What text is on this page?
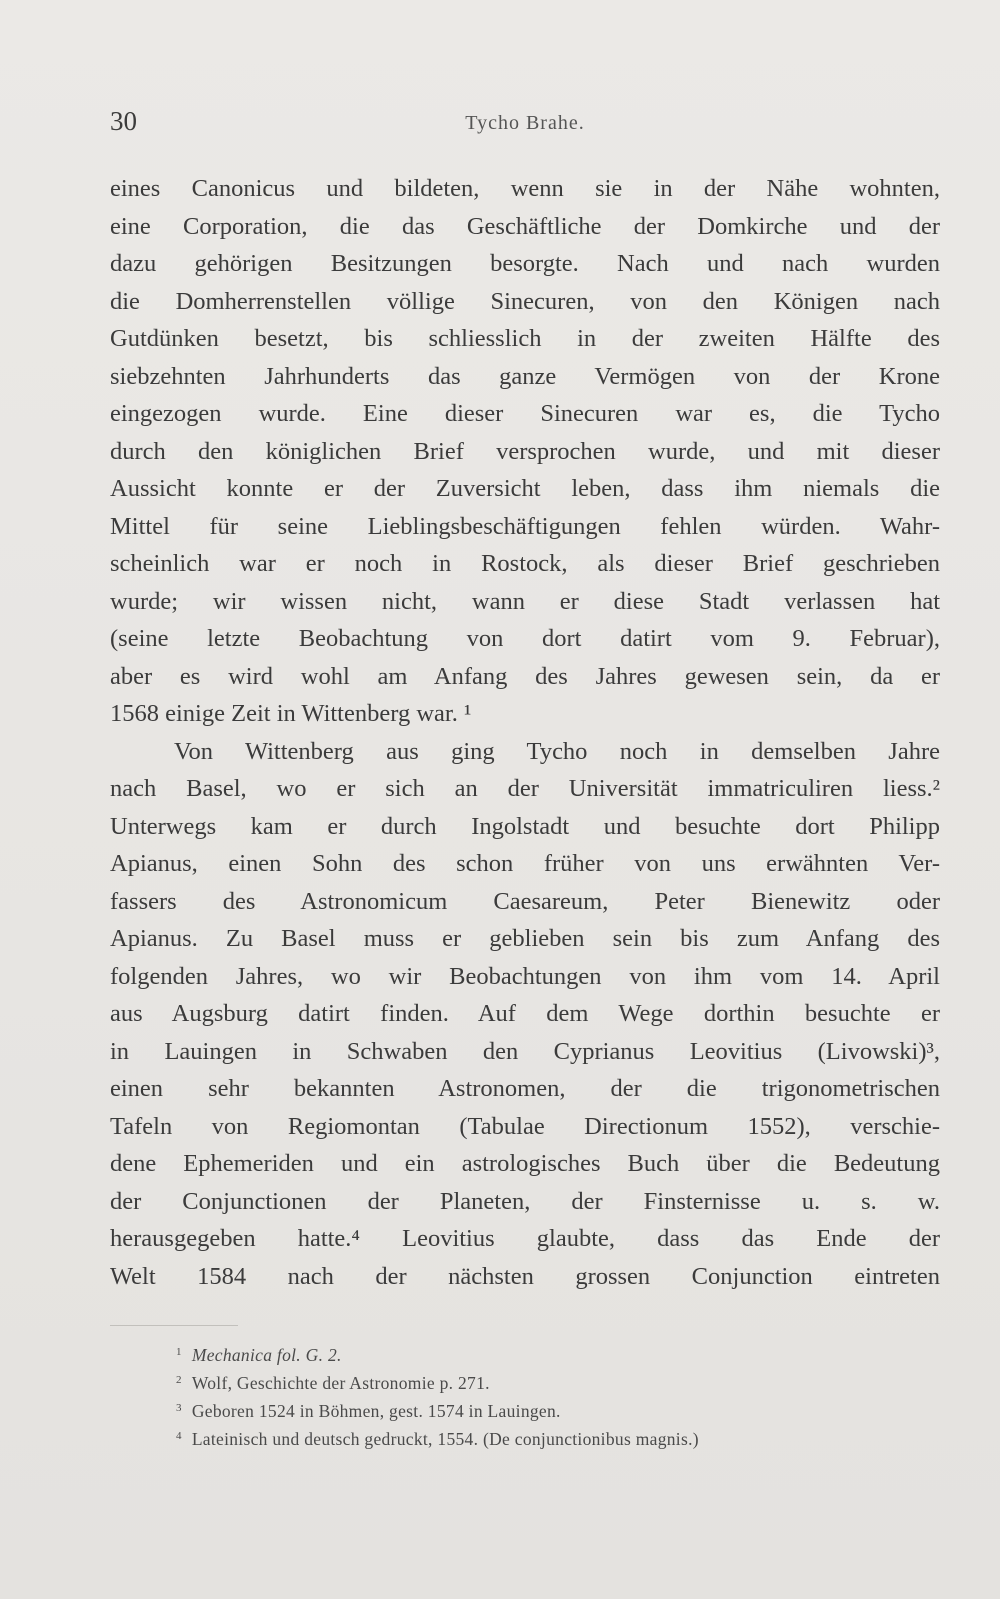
30	Tycho Brahe.
eines Canonicus und bildeten, wenn sie in der Nähe wohnten,
eine Corporation, die das Geschäftliche der Domkirche und der
dazu gehörigen Besitzungen besorgte. Nach und nach wurden
die Domherrenstellen völlige Sinecuren, von den Königen nach
Gutdünken besetzt, bis schliesslich in der zweiten Hälfte des
siebzehnten Jahrhunderts das ganze Vermögen von der Krone
eingezogen wurde. Eine dieser Sinecuren war es, die Tycho
durch den königlichen Brief versprochen wurde, und mit dieser
Aussicht konnte er der Zuversicht leben, dass ihm niemals die
Mittel für seine Lieblingsbeschäftigungen fehlen würden. Wahr-
scheinlich war er noch in Rostock, als dieser Brief geschrieben
wurde; wir wissen nicht, wann er diese Stadt verlassen hat
(seine letzte Beobachtung von dort datirt vom 9. Februar),
aber es wird wohl am Anfang des Jahres gewesen sein, da er
1568 einige Zeit in Wittenberg war. ¹
Von Wittenberg aus ging Tycho noch in demselben Jahre
nach Basel, wo er sich an der Universität immatriculiren liess.²
Unterwegs kam er durch Ingolstadt und besuchte dort Philipp
Apianus, einen Sohn des schon früher von uns erwähnten Ver-
fassers des Astronomicum Caesareum, Peter Bienewitz oder
Apianus. Zu Basel muss er geblieben sein bis zum Anfang des
folgenden Jahres, wo wir Beobachtungen von ihm vom 14. April
aus Augsburg datirt finden. Auf dem Wege dorthin besuchte er
in Lauingen in Schwaben den Cyprianus Leovitius (Livowski)³,
einen sehr bekannten Astronomen, der die trigonometrischen
Tafeln von Regiomontan (Tabulae Directionum 1552), verschie-
dene Ephemeriden und ein astrologisches Buch über die Bedeutung
der Conjunctionen der Planeten, der Finsternisse u. s. w.
herausgegeben hatte.⁴ Leovitius glaubte, dass das Ende der
Welt 1584 nach der nächsten grossen Conjunction eintreten
$^1$ Mechanica fol. G. 2.
$^2$ Wolf, Geschichte der Astronomie p. 271.
$^3$ Geboren 1524 in Böhmen, gest. 1574 in Lauingen.
$^4$ Lateinisch und deutsch gedruckt, 1554. (De conjunctionibus magnis.)
